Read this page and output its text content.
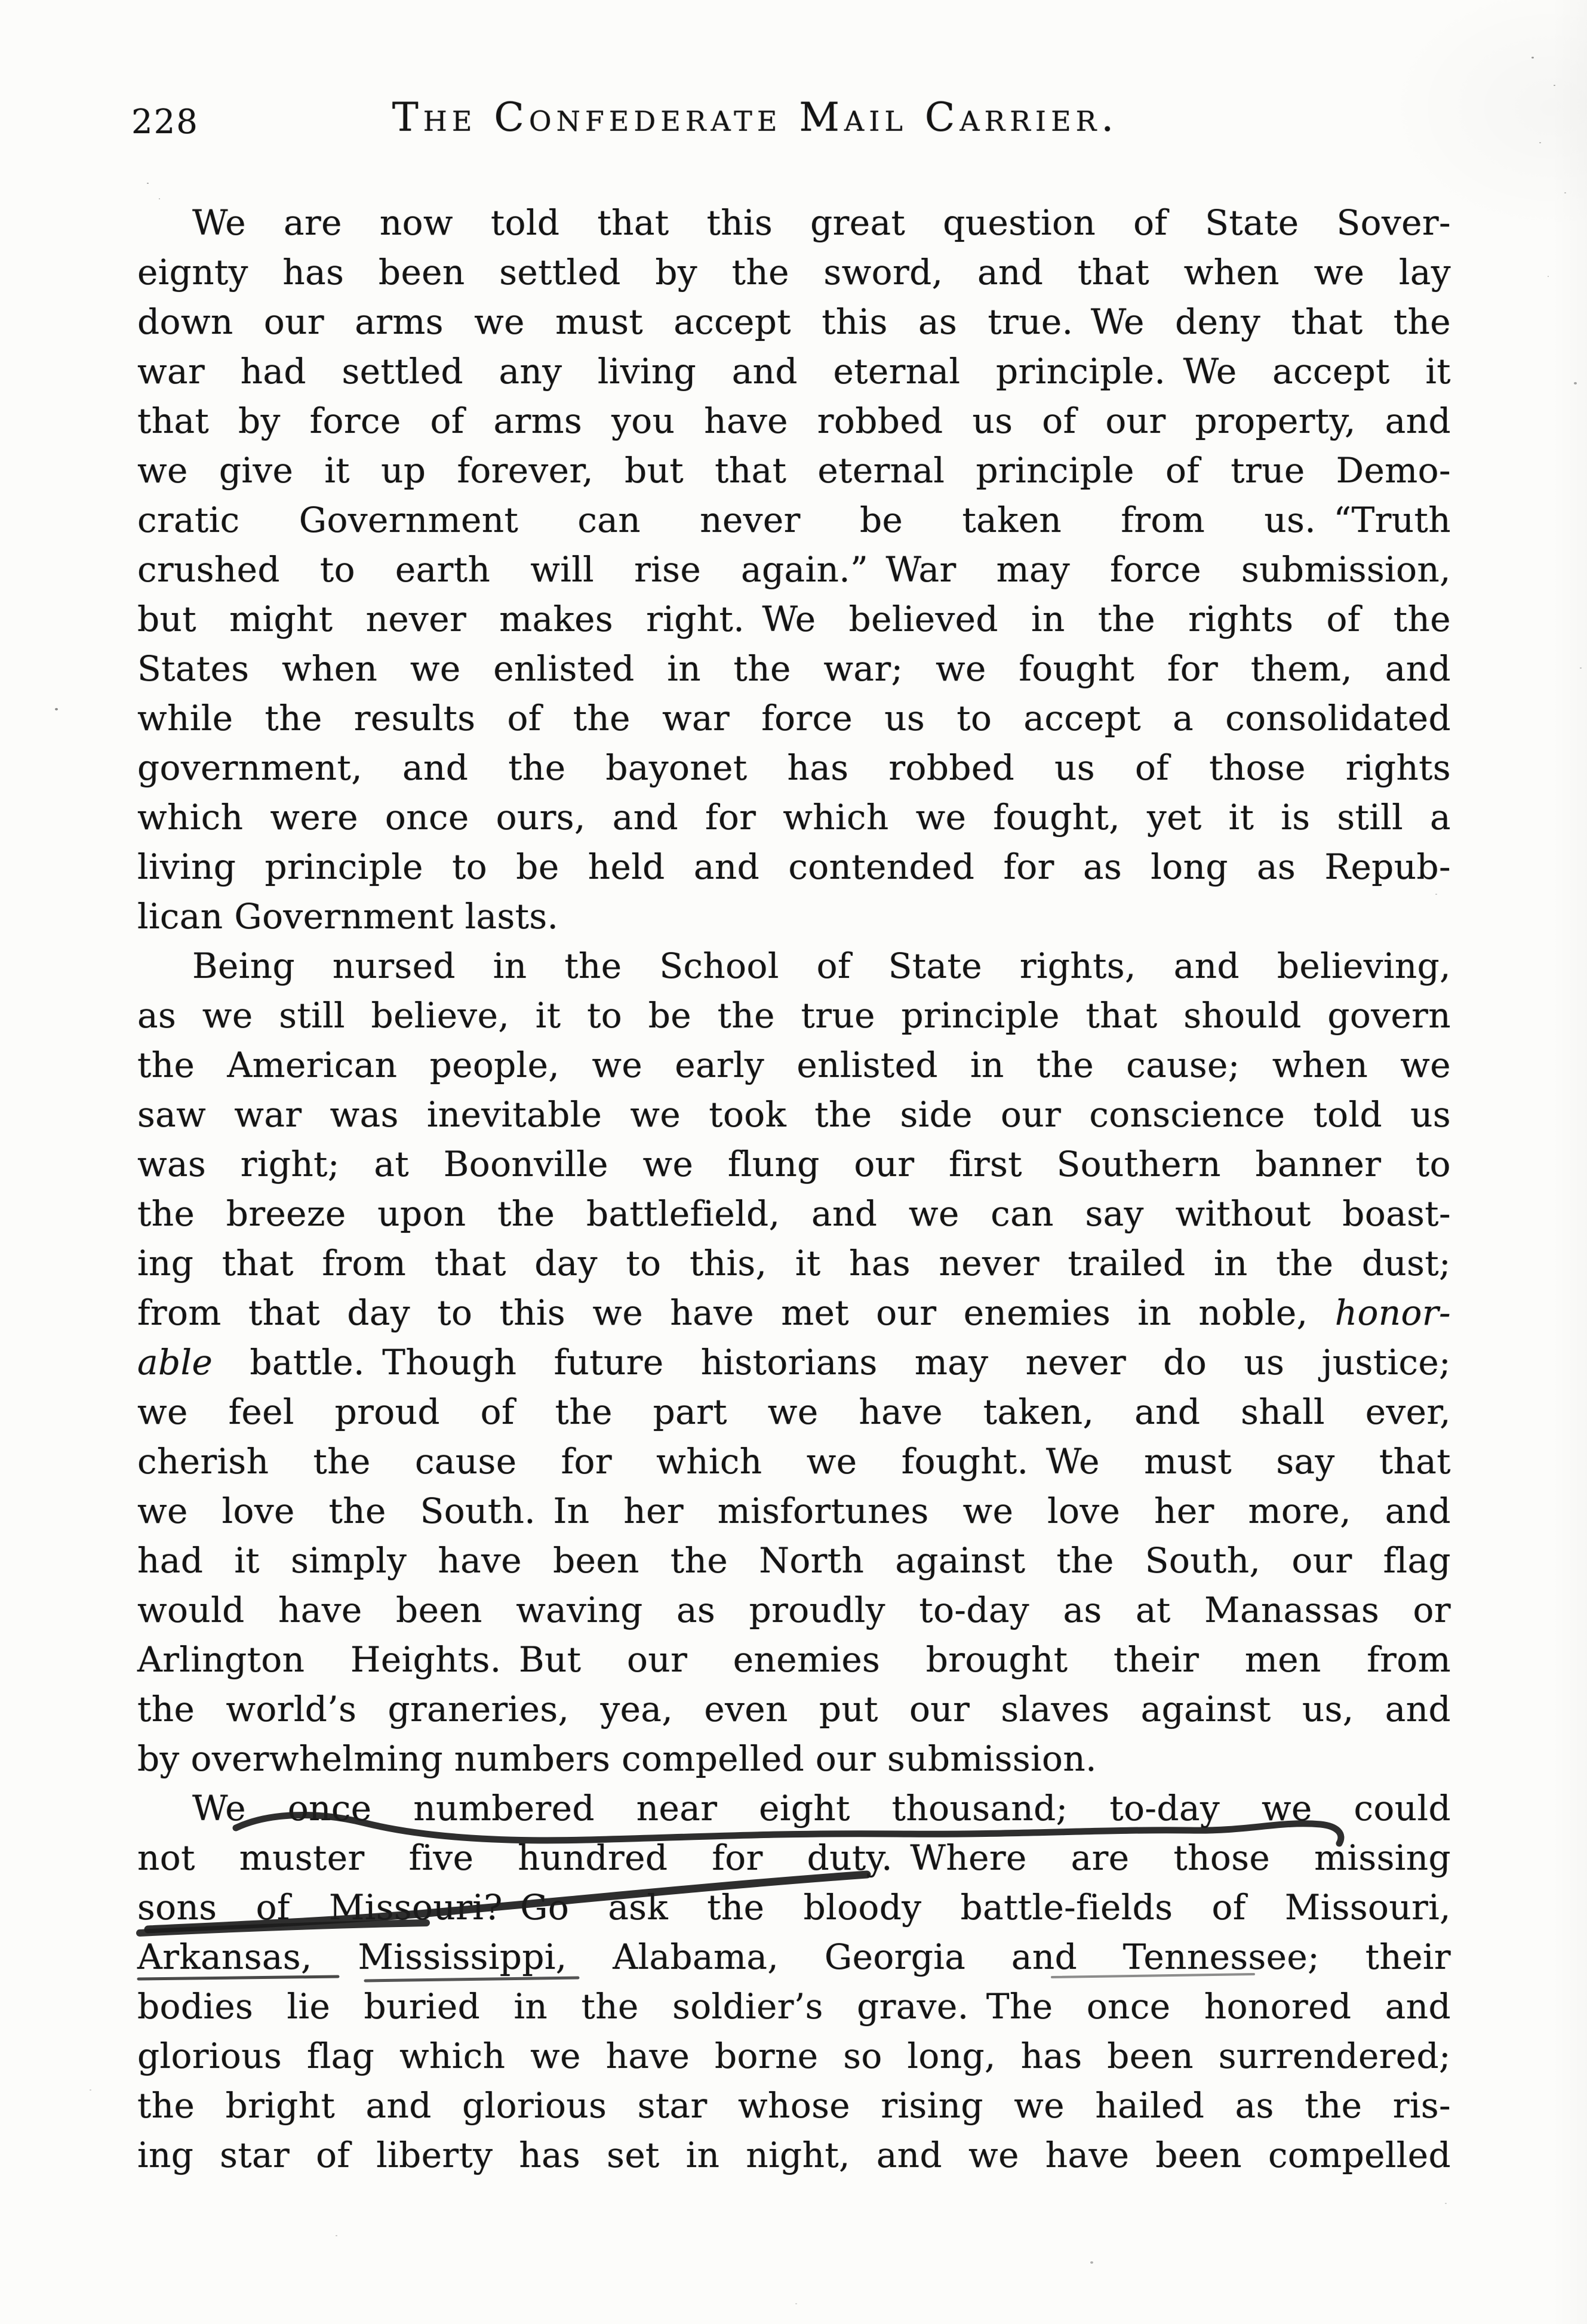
228	The Confederate Mail Carrier.
We are now told that this great question of State Sover-
eignty has been settled by the sword, and that when we lay
down our arms we must accept this as true. We deny that the
war had settled any living and eternal principle. We accept it
that by force of arms you have robbed us of our property, and
we give it up forever, but that eternal principle of true Demo-
cratic Government can never be taken from us. “Truth
crushed to earth will rise again.” War may force submission,
but might never makes right. We believed in the rights of the
States when we enlisted in the war; we fought for them, and
while the results of the war force us to accept a consolidated
government, and the bayonet has robbed us of those rights
which were once ours, and for which we fought, yet it is still a
living principle to be held and contended for as long as Repub-
lican Government lasts.
Being nursed in the School of State rights, and believing,
as we still believe, it to be the true principle that should govern
the American people, we early enlisted in the cause; when we
saw war was inevitable we took the side our conscience told us
was right; at Boonville we flung our first Southern banner to
the breeze upon the battlefield, and we can say without boast-
ing that from that day to this, it has never trailed in the dust;
from that day to this we have met our enemies in noble, honor-
able battle. Though future historians may never do us justice;
we feel proud of the part we have taken, and shall ever,
cherish the cause for which we fought. We must say that
we love the South. In her misfortunes we love her more, and
had it simply have been the North against the South, our flag
would have been waving as proudly to-day as at Manassas or
Arlington Heights. But our enemies brought their men from
the world’s graneries, yea, even put our slaves against us, and
by overwhelming numbers compelled our submission.
We once numbered near eight thousand; to-day we could
not muster five hundred for duty. Where are those missing
sons of Missouri? Go ask the bloody battle-fields of Missouri,
Arkansas, Mississippi, Alabama, Georgia and Tennessee; their
bodies lie buried in the soldier’s grave. The once honored and
glorious flag which we have borne so long, has been surrendered;
the bright and glorious star whose rising we hailed as the ris-
ing star of liberty has set in night, and we have been compelled
